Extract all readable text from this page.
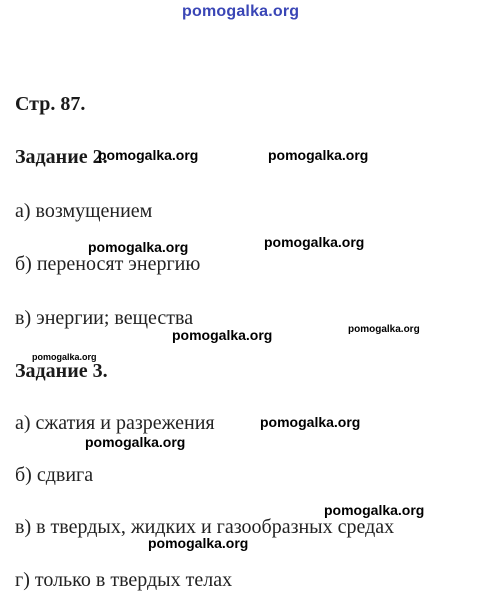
pomogalka.org
Стр. 87.
Задание 2.
а) возмущением
б) переносят энергию
в) энергии; вещества
Задание 3.
а) сжатия и разрежения
б) сдвига
в) в твердых, жидких и газообразных средах
г) только в твердых телах
pomogalka.org	pomogalka.org
pomogalka.org	pomogalka.org
pomogalka.org	pomogalka.org
pomogalka.org
pomogalka.org
pomogalka.org
pomogalka.org
pomogalka.org
